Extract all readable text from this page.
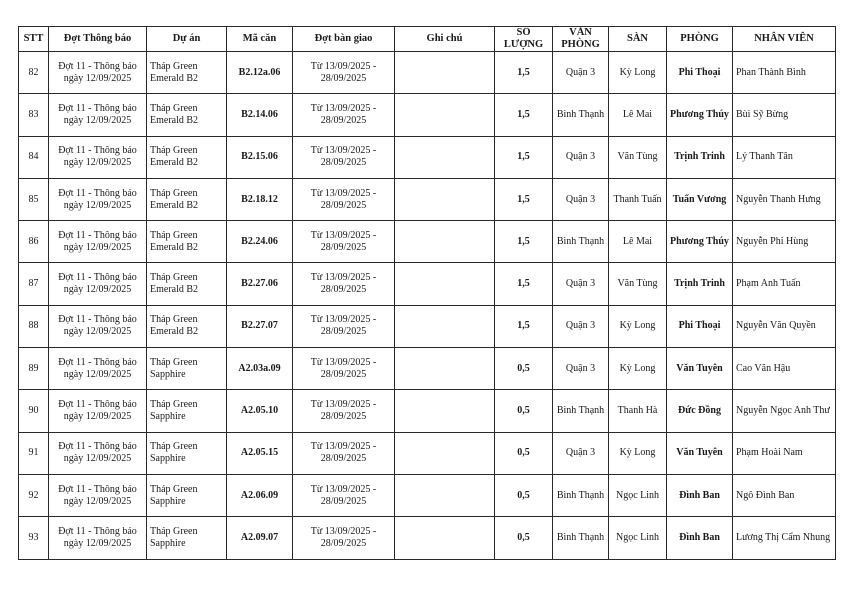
STT	Đợt Thông báo	Dự án	Mã căn	Đợt bàn giao	Ghi chú	SỐ LƯỢNG	VĂN PHÒNG	SÀN	PHÒNG	NHÂN VIÊN
82	Đợt 11 - Thông báo ngày 12/09/2025	Tháp Green Emerald B2	B2.12a.06	Từ 13/09/2025 - 28/09/2025		1,5	Quận 3	Kỳ Long	Phi Thoại	Phan Thành Bình
83	Đợt 11 - Thông báo ngày 12/09/2025	Tháp Green Emerald B2	B2.14.06	Từ 13/09/2025 - 28/09/2025		1,5	Bình Thạnh	Lê Mai	Phương Thúy	Bùi Sỹ Bừng
84	Đợt 11 - Thông báo ngày 12/09/2025	Tháp Green Emerald B2	B2.15.06	Từ 13/09/2025 - 28/09/2025		1,5	Quận 3	Văn Tùng	Trịnh Trinh	Lý Thanh Tân
85	Đợt 11 - Thông báo ngày 12/09/2025	Tháp Green Emerald B2	B2.18.12	Từ 13/09/2025 - 28/09/2025		1,5	Quận 3	Thanh Tuấn	Tuấn Vương	Nguyễn Thanh Hưng
86	Đợt 11 - Thông báo ngày 12/09/2025	Tháp Green Emerald B2	B2.24.06	Từ 13/09/2025 - 28/09/2025		1,5	Bình Thạnh	Lê Mai	Phương Thúy	Nguyễn Phi Hùng
87	Đợt 11 - Thông báo ngày 12/09/2025	Tháp Green Emerald B2	B2.27.06	Từ 13/09/2025 - 28/09/2025		1,5	Quận 3	Văn Tùng	Trịnh Trinh	Phạm Anh Tuấn
88	Đợt 11 - Thông báo ngày 12/09/2025	Tháp Green Emerald B2	B2.27.07	Từ 13/09/2025 - 28/09/2025		1,5	Quận 3	Kỳ Long	Phi Thoại	Nguyễn Văn Quyền
89	Đợt 11 - Thông báo ngày 12/09/2025	Tháp Green Sapphire	A2.03a.09	Từ 13/09/2025 - 28/09/2025		0,5	Quận 3	Kỳ Long	Văn Tuyên	Cao Văn Hậu
90	Đợt 11 - Thông báo ngày 12/09/2025	Tháp Green Sapphire	A2.05.10	Từ 13/09/2025 - 28/09/2025		0,5	Bình Thạnh	Thanh Hà	Đức Đồng	Nguyễn Ngọc Anh Thư
91	Đợt 11 - Thông báo ngày 12/09/2025	Tháp Green Sapphire	A2.05.15	Từ 13/09/2025 - 28/09/2025		0,5	Quận 3	Kỳ Long	Văn Tuyên	Phạm Hoài Nam
92	Đợt 11 - Thông báo ngày 12/09/2025	Tháp Green Sapphire	A2.06.09	Từ 13/09/2025 - 28/09/2025		0,5	Bình Thạnh	Ngọc Linh	Đình Ban	Ngô Đình Ban
93	Đợt 11 - Thông báo ngày 12/09/2025	Tháp Green Sapphire	A2.09.07	Từ 13/09/2025 - 28/09/2025		0,5	Bình Thạnh	Ngọc Linh	Đình Ban	Lương Thị Cẩm Nhung
